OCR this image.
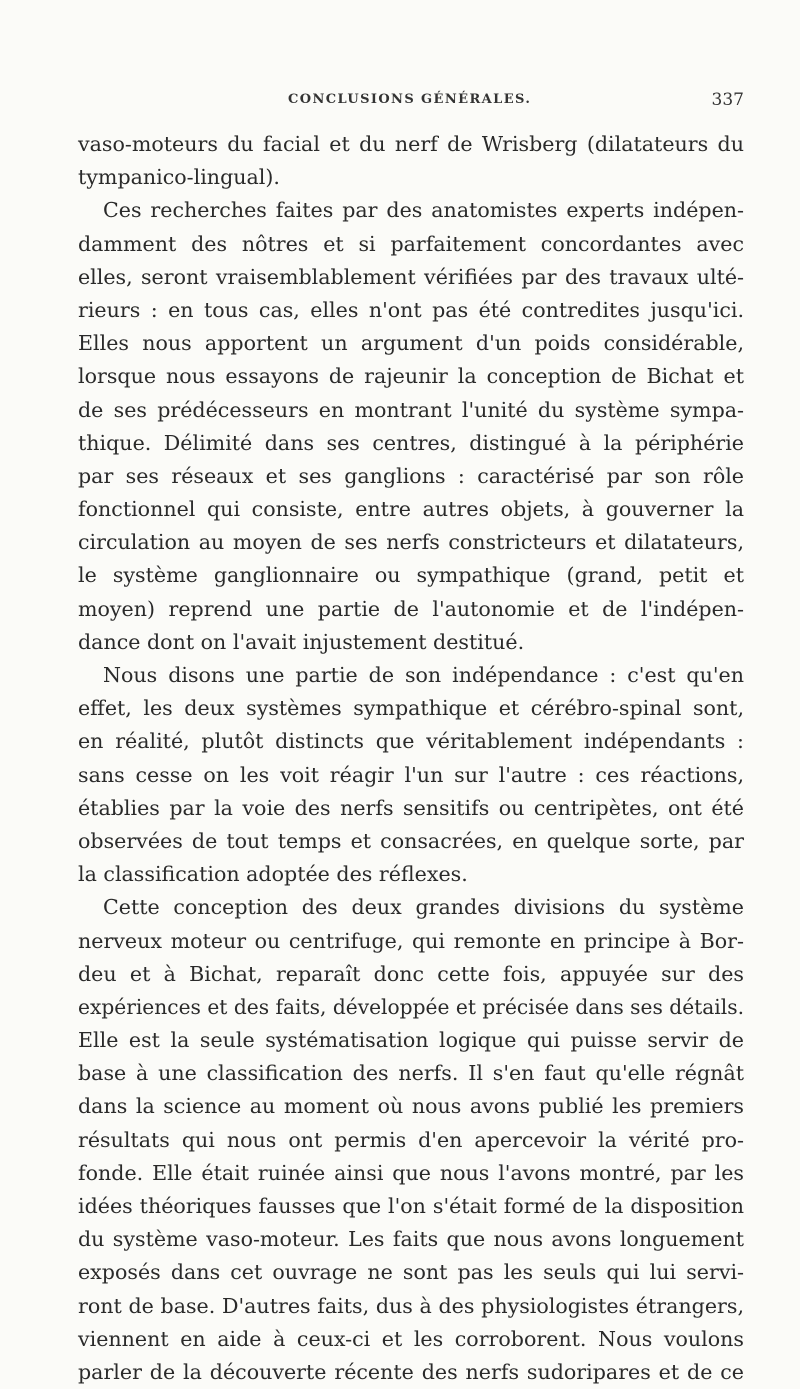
CONCLUSIONS GÉNÉRALES.	337
vaso-moteurs du facial et du nerf de Wrisberg (dilatateurs du
tympanico-lingual).
Ces recherches faites par des anatomistes experts indépen-
damment des nôtres et si parfaitement concordantes avec
elles, seront vraisemblablement vérifiées par des travaux ulté-
rieurs : en tous cas, elles n'ont pas été contredites jusqu'ici.
Elles nous apportent un argument d'un poids considérable,
lorsque nous essayons de rajeunir la conception de Bichat et
de ses prédécesseurs en montrant l'unité du système sympa-
thique. Délimité dans ses centres, distingué à la périphérie
par ses réseaux et ses ganglions : caractérisé par son rôle
fonctionnel qui consiste, entre autres objets, à gouverner la
circulation au moyen de ses nerfs constricteurs et dilatateurs,
le système ganglionnaire ou sympathique (grand, petit et
moyen) reprend une partie de l'autonomie et de l'indépen-
dance dont on l'avait injustement destitué.
Nous disons une partie de son indépendance : c'est qu'en
effet, les deux systèmes sympathique et cérébro-spinal sont,
en réalité, plutôt distincts que véritablement indépendants :
sans cesse on les voit réagir l'un sur l'autre : ces réactions,
établies par la voie des nerfs sensitifs ou centripètes, ont été
observées de tout temps et consacrées, en quelque sorte, par
la classification adoptée des réflexes.
Cette conception des deux grandes divisions du système
nerveux moteur ou centrifuge, qui remonte en principe à Bor-
deu et à Bichat, reparaît donc cette fois, appuyée sur des
expériences et des faits, développée et précisée dans ses détails.
Elle est la seule systématisation logique qui puisse servir de
base à une classification des nerfs. Il s'en faut qu'elle régnât
dans la science au moment où nous avons publié les premiers
résultats qui nous ont permis d'en apercevoir la vérité pro-
fonde. Elle était ruinée ainsi que nous l'avons montré, par les
idées théoriques fausses que l'on s'était formé de la disposition
du système vaso-moteur. Les faits que nous avons longuement
exposés dans cet ouvrage ne sont pas les seuls qui lui servi-
ront de base. D'autres faits, dus à des physiologistes étrangers,
viennent en aide à ceux-ci et les corroborent. Nous voulons
parler de la découverte récente des nerfs sudoripares et de ce
